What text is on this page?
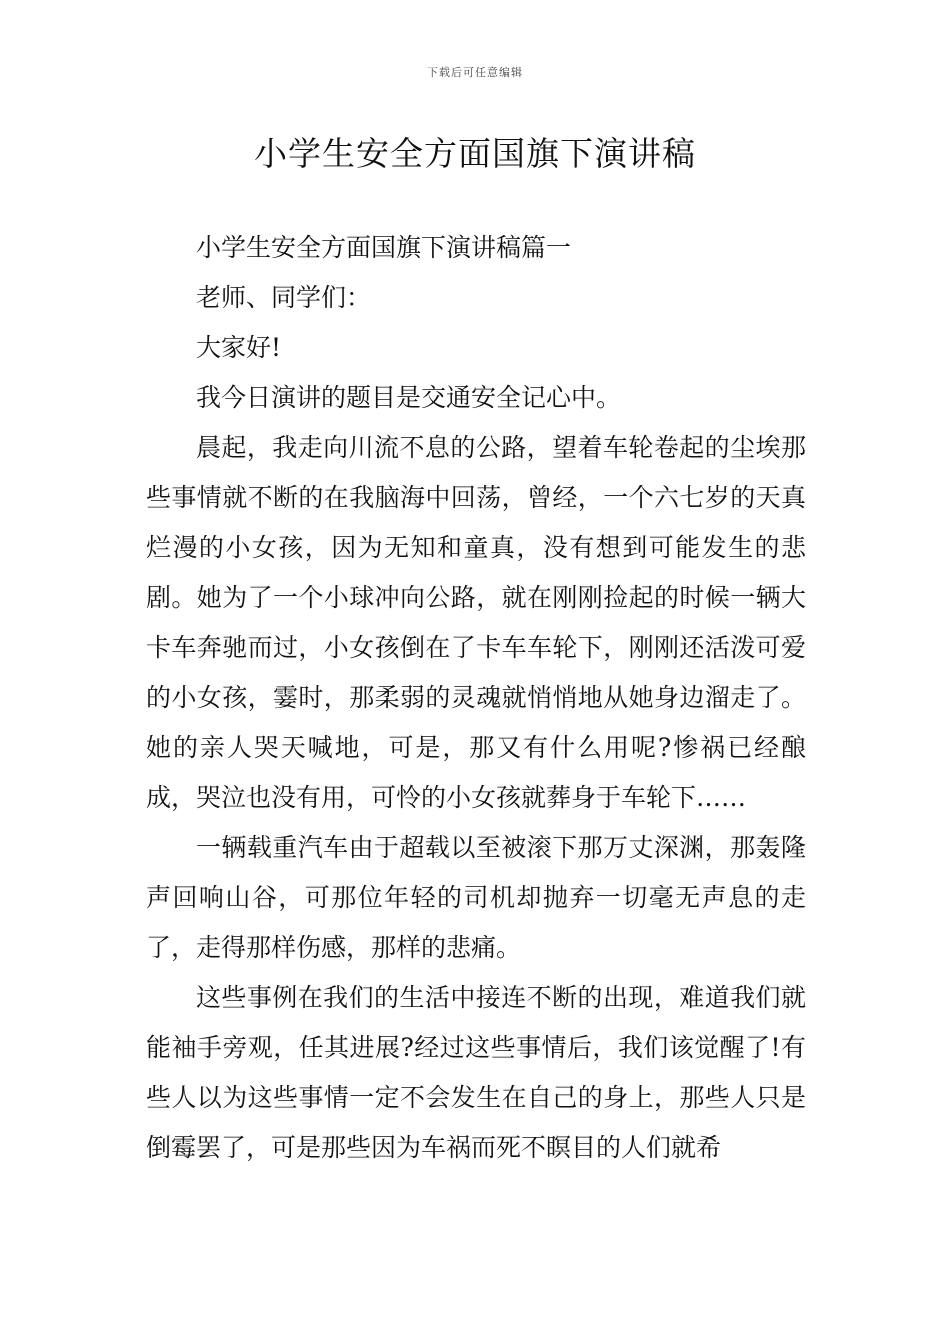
下载后可任意编辑
小学生安全方面国旗下演讲稿

小学生安全方面国旗下演讲稿篇一

老师、同学们：

大家好!

我今日演讲的题目是交通安全记心中。

晨起，我走向川流不息的公路，望着车轮卷起的尘埃那些事情就不断的在我脑海中回荡，曾经，一个六七岁的天真烂漫的小女孩，因为无知和童真，没有想到可能发生的悲剧。她为了一个小球冲向公路，就在刚刚捡起的时候一辆大卡车奔驰而过，小女孩倒在了卡车车轮下，刚刚还活泼可爱的小女孩，霎时，那柔弱的灵魂就悄悄地从她身边溜走了。她的亲人哭天喊地，可是，那又有什么用呢?惨祸已经酿成，哭泣也没有用，可怜的小女孩就葬身于车轮下……

一辆载重汽车由于超载以至被滚下那万丈深渊，那轰隆声回响山谷，可那位年轻的司机却抛弃一切毫无声息的走了，走得那样伤感，那样的悲痛。

这些事例在我们的生活中接连不断的出现，难道我们就能袖手旁观，任其进展?经过这些事情后，我们该觉醒了!有些人以为这些事情一定不会发生在自己的身上，那些人只是倒霉罢了，可是那些因为车祸而死不瞑目的人们就希
